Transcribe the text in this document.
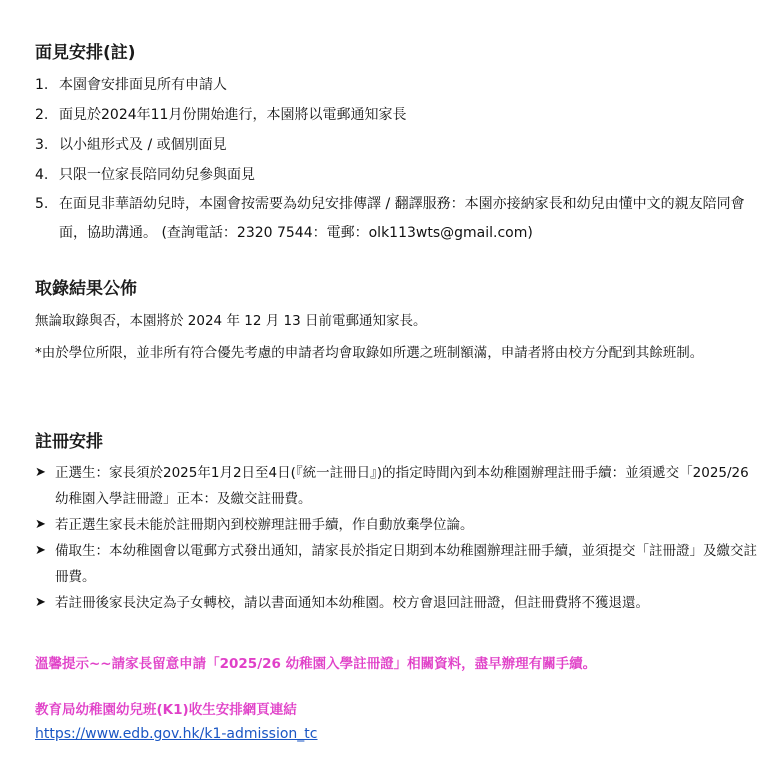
面見安排(註)
1. 本園會安排面見所有申請人
2. 面見於2024年11月份開始進行，本園將以電郵通知家長
3. 以小組形式及 / 或個別面見
4. 只限一位家長陪同幼兒參與面見
5. 在面見非華語幼兒時，本園會按需要為幼兒安排傳譯 / 翻譯服務：本園亦接納家長和幼兒由懂中文的親友陪同會面，協助溝通。 (查詢電話：2320 7544：電郵：olk113wts@gmail.com)
取錄結果公佈

無論取錄與否，本園將於 2024 年 12 月 13 日前電郵通知家長。

*由於學位所限，並非所有符合優先考慮的申請者均會取錄如所選之班制額滿，申請者將由校方分配到其餘班制。

註冊安排
➤ 正選生：家長須於2025年1月2日至4日(『統一註冊日』)的指定時間內到本幼稚園辦理註冊手續：並須遞交「2025/26幼稚園入學註冊證」正本：及繳交註冊費。
➤ 若正選生家長未能於註冊期內到校辦理註冊手續，作自動放棄學位論。
➤ 備取生：本幼稚園會以電郵方式發出通知，請家長於指定日期到本幼稚園辦理註冊手續，並須提交「註冊證」及繳交註冊費。
➤ 若註冊後家長決定為子女轉校，請以書面通知本幼稚園。校方會退回註冊證，但註冊費將不獲退還。

溫馨提示~~請家長留意申請「2025/26 幼稚園入學註冊證」相關資料，盡早辦理有關手續。

教育局幼稚園幼兒班(K1)收生安排網頁連結

https://www.edb.gov.hk/k1-admission_tc
